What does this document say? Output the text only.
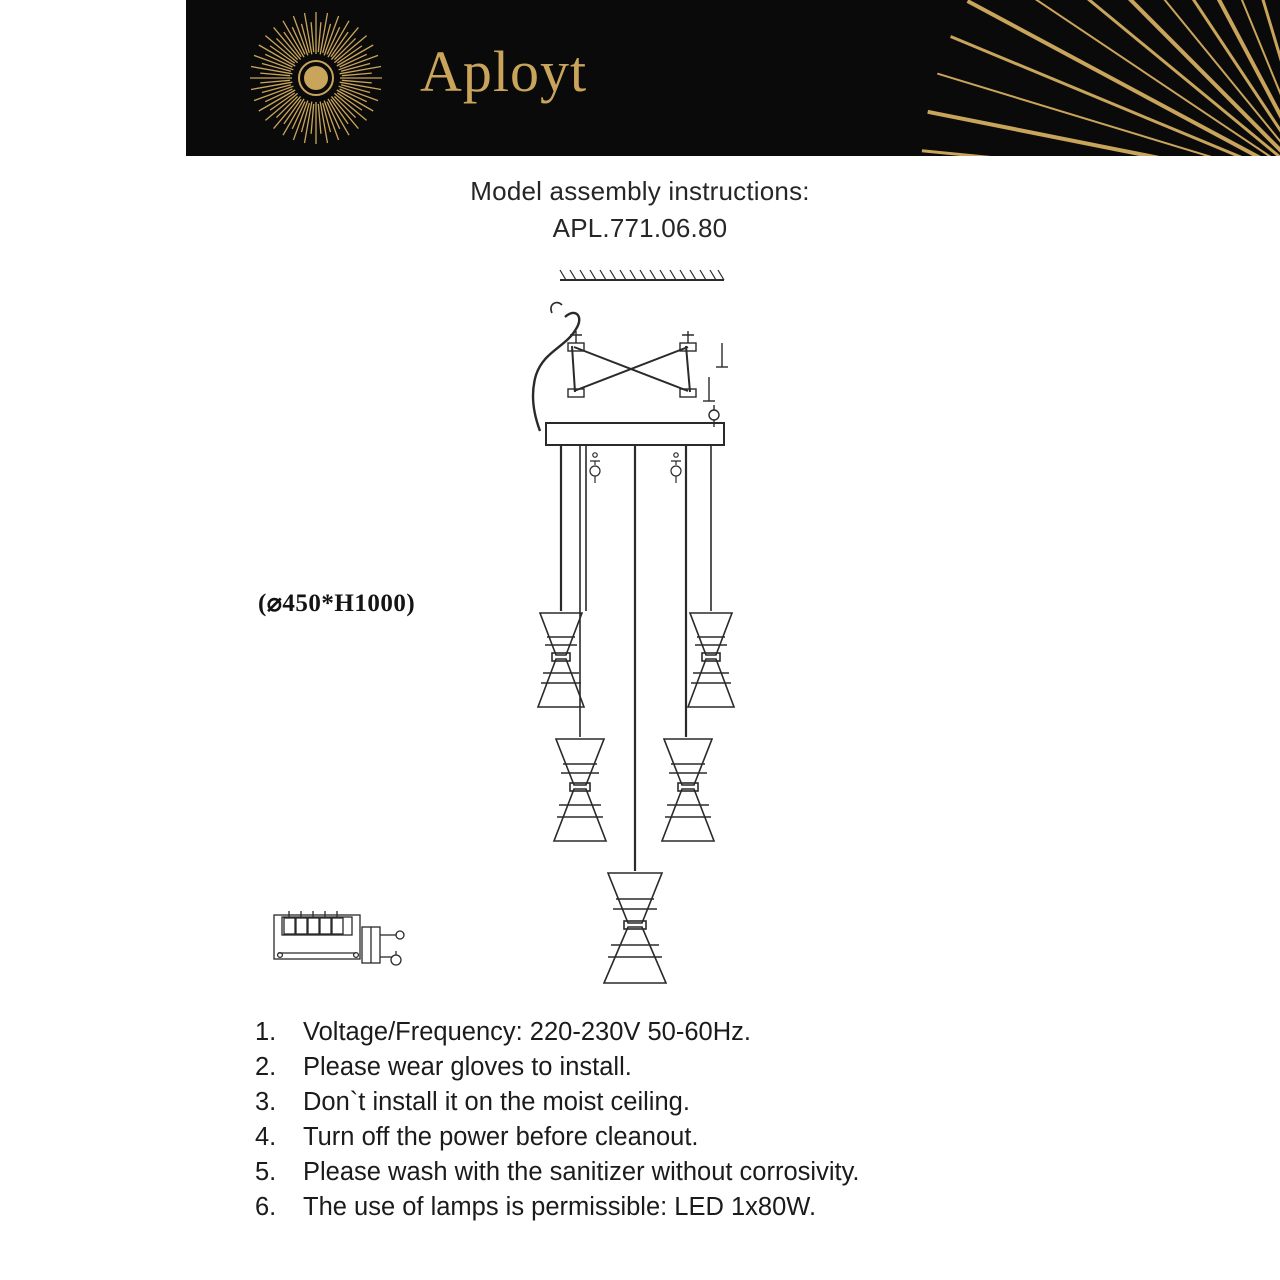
Aployt
Model assembly instructions:
APL.771.06.80
(⌀450*H1000)
1.	Voltage/Frequency: 220-230V 50-60Hz.
2.	Please wear gloves to install.
3.	Don`t install it on the moist ceiling.
4.	Turn off the power before cleanout.
5.	Please wash with the sanitizer without corrosivity.
6.	The use of lamps is permissible: LED 1x80W.
